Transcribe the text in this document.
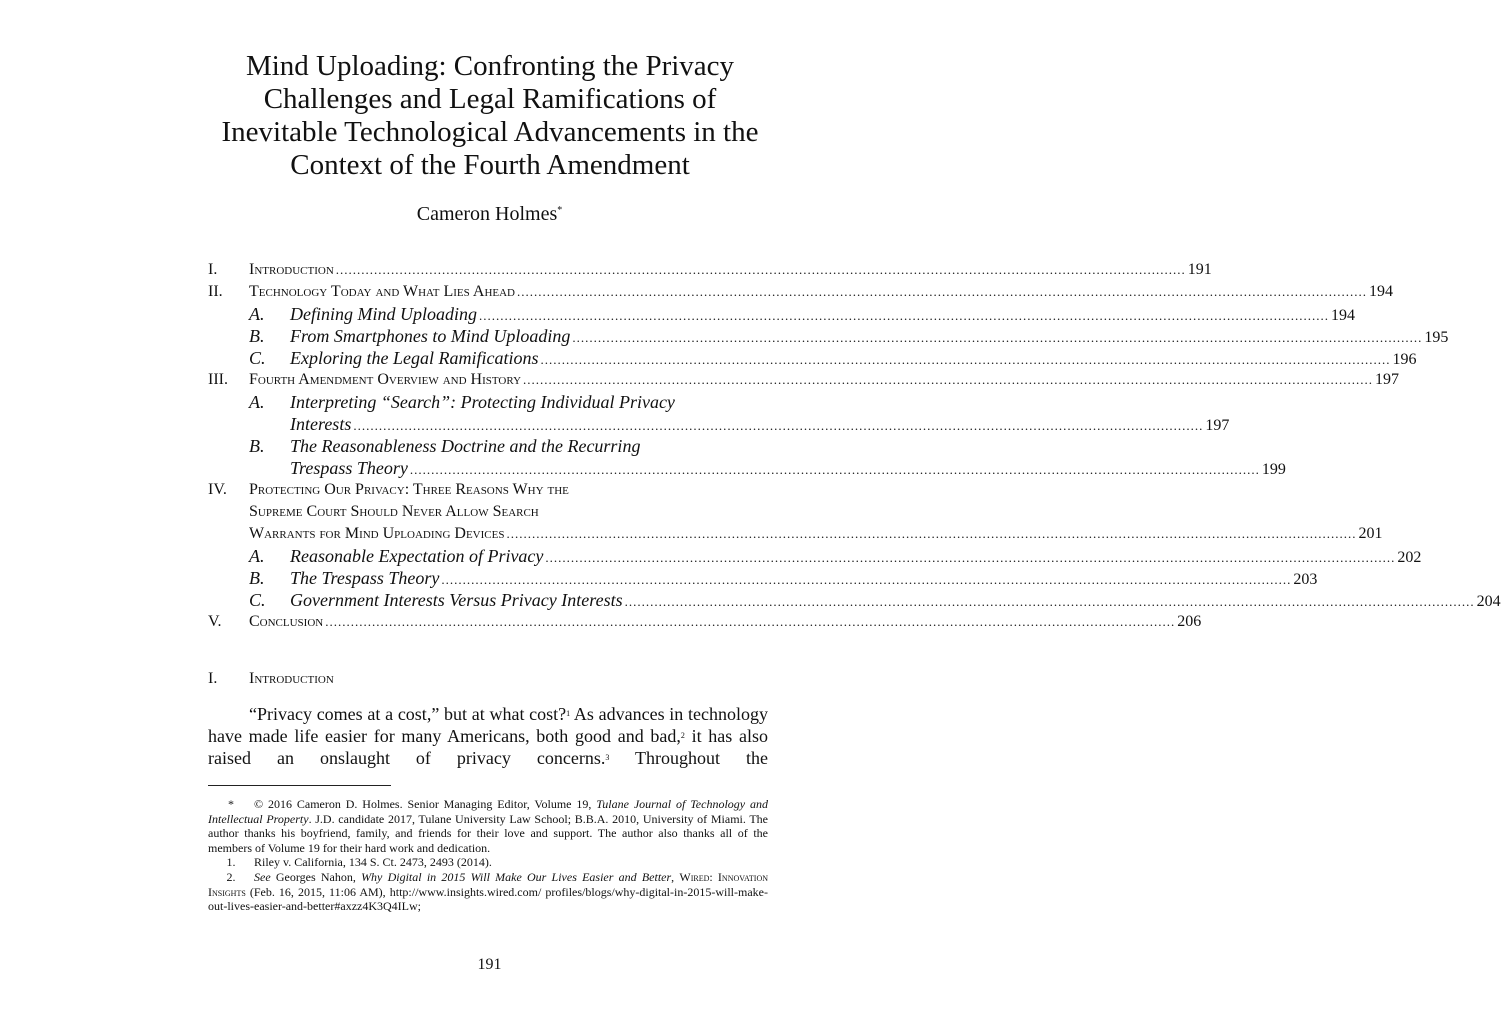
Mind Uploading: Confronting the Privacy
Challenges and Legal Ramifications of
Inevitable Technological Advancements in the
Context of the Fourth Amendment
Cameron Holmes*
I. Introduction .....	191
II. Technology Today and What Lies Ahead .....	194
A.	Defining Mind Uploading .....	194
B.	From Smartphones to Mind Uploading .....	195
C.	Exploring the Legal Ramifications .....	196
III. Fourth Amendment Overview and History .....	197
A.	Interpreting “Search”: Protecting Individual Privacy
Interests .....	197
B.	The Reasonableness Doctrine and the Recurring
Trespass Theory .....	199
IV. Protecting Our Privacy: Three Reasons Why the
Supreme Court Should Never Allow Search
Warrants for Mind Uploading Devices .....	201
A.	Reasonable Expectation of Privacy .....	202
B.	The Trespass Theory .....	203
C.	Government Interests Versus Privacy Interests .....	204
V. Conclusion .....	206
I. Introduction

“Privacy comes at a cost,” but at what cost?$^1$ As advances in technology have made life easier for many Americans, both good and bad,$^2$ it has also raised an onslaught of privacy concerns.$^3$ Throughout the

* © 2016 Cameron D. Holmes. Senior Managing Editor, Volume 19, Tulane Journal of Technology and Intellectual Property. J.D. candidate 2017, Tulane University Law School; B.B.A. 2010, University of Miami. The author thanks his boyfriend, family, and friends for their love and support. The author also thanks all of the members of Volume 19 for their hard work and dedication.

1. Riley v. California, 134 S. Ct. 2473, 2493 (2014).

2. See Georges Nahon, Why Digital in 2015 Will Make Our Lives Easier and Better, Wired: Innovation Insights (Feb. 16, 2015, 11:06 AM), http://www.insights.wired.com/ profiles/blogs/why-digital-in-2015-will-make-out-lives-easier-and-better#axzz4K3Q4ILw;

191
